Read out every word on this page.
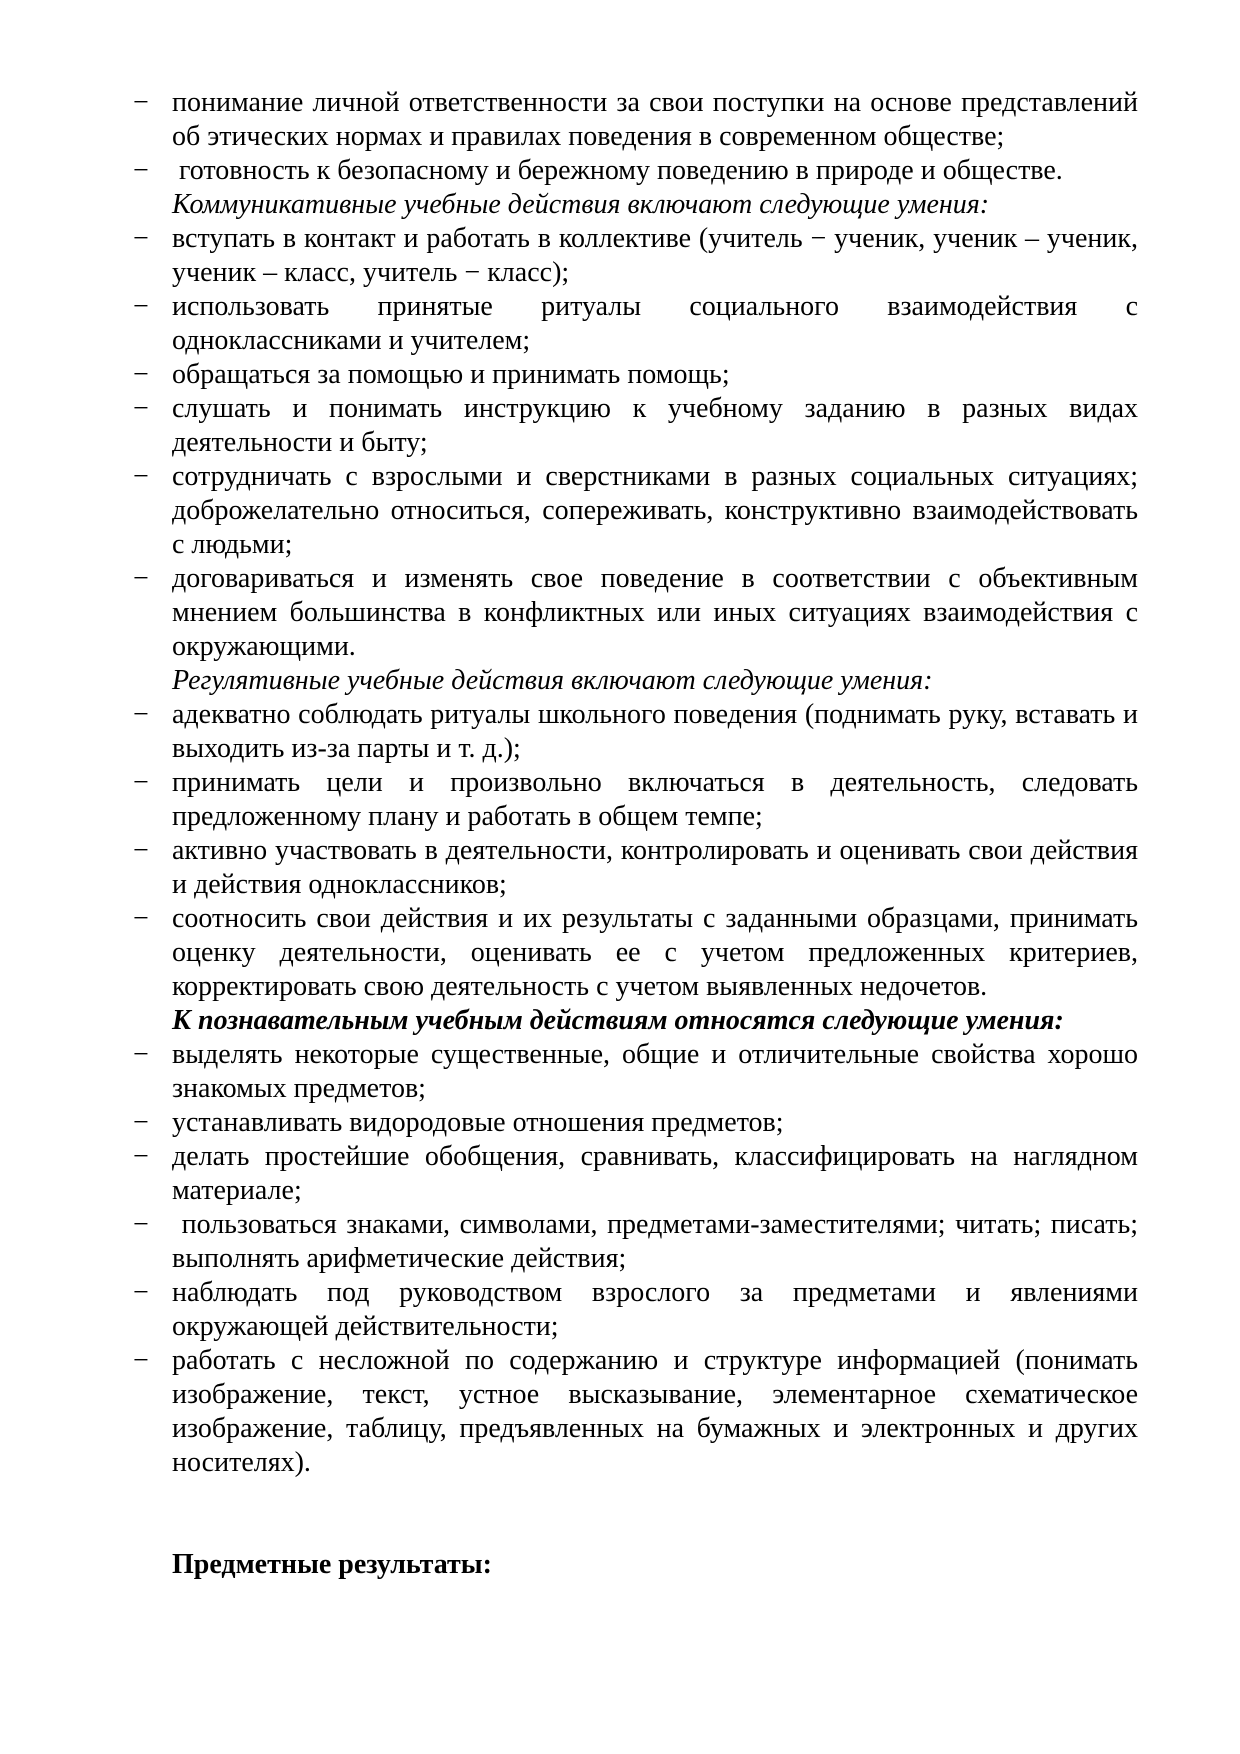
− понимание личной ответственности за свои поступки на основе представлений об этических нормах и правилах поведения в современном обществе;
− готовность к безопасному и бережному поведению в природе и обществе.
Коммуникативные учебные действия включают следующие умения:
− вступать в контакт и работать в коллективе (учитель − ученик, ученик – ученик, ученик – класс, учитель − класс);
− использовать принятые ритуалы социального взаимодействия с одноклассниками и учителем;
− обращаться за помощью и принимать помощь;
− слушать и понимать инструкцию к учебному заданию в разных видах деятельности и быту;
− сотрудничать с взрослыми и сверстниками в разных социальных ситуациях; доброжелательно относиться, сопереживать, конструктивно взаимодействовать с людьми;
− договариваться и изменять свое поведение в соответствии с объективным мнением большинства в конфликтных или иных ситуациях взаимодействия с окружающими.
Регулятивные учебные действия включают следующие умения:
− адекватно соблюдать ритуалы школьного поведения (поднимать руку, вставать и выходить из-за парты и т. д.);
− принимать цели и произвольно включаться в деятельность, следовать предложенному плану и работать в общем темпе;
− активно участвовать в деятельности, контролировать и оценивать свои действия и действия одноклассников;
− соотносить свои действия и их результаты с заданными образцами, принимать оценку деятельности, оценивать ее с учетом предложенных критериев, корректировать свою деятельность с учетом выявленных недочетов.
К познавательным учебным действиям относятся следующие умения:
− выделять некоторые существенные, общие и отличительные свойства хорошо знакомых предметов;
− устанавливать видородовые отношения предметов;
− делать простейшие обобщения, сравнивать, классифицировать на наглядном материале;
− пользоваться знаками, символами, предметами-заместителями; читать; писать; выполнять арифметические действия;
− наблюдать под руководством взрослого за предметами и явлениями окружающей действительности;
− работать с несложной по содержанию и структуре информацией (понимать изображение, текст, устное высказывание, элементарное схематическое изображение, таблицу, предъявленных на бумажных и электронных и других носителях).
Предметные результаты:
